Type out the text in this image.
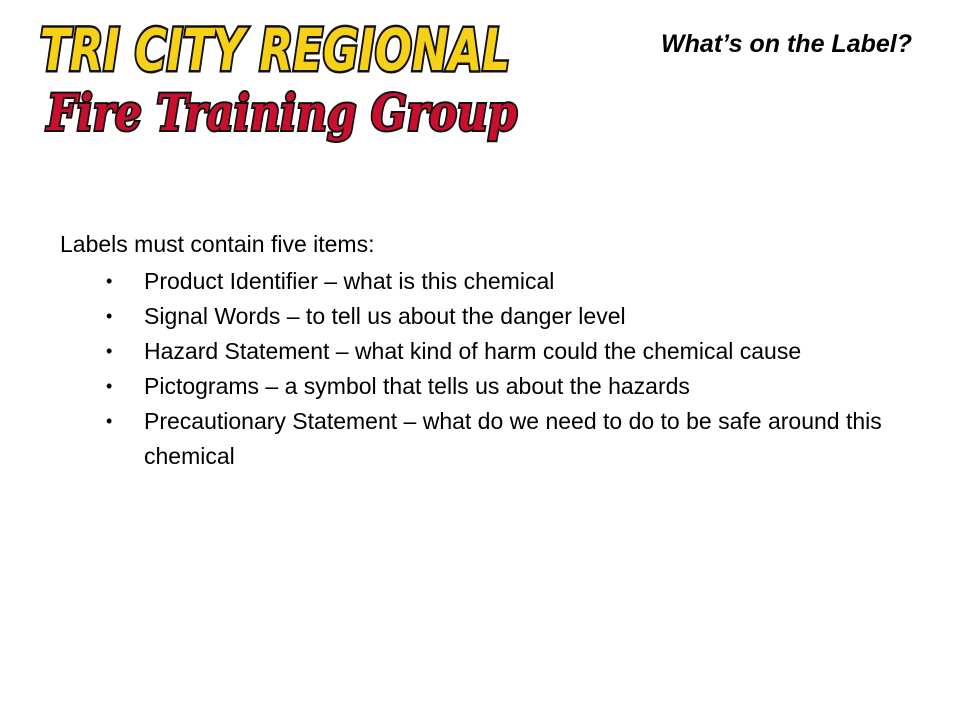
TRI CITY REGIONAL
Fire Training Group
What’s on the Label?

Labels must contain five items:

• Product Identifier – what is this chemical
• Signal Words – to tell us about the danger level
• Hazard Statement – what kind of harm could the chemical cause
• Pictograms – a symbol that tells us about the hazards
• Precautionary Statement – what do we need to do to be safe around this chemical
